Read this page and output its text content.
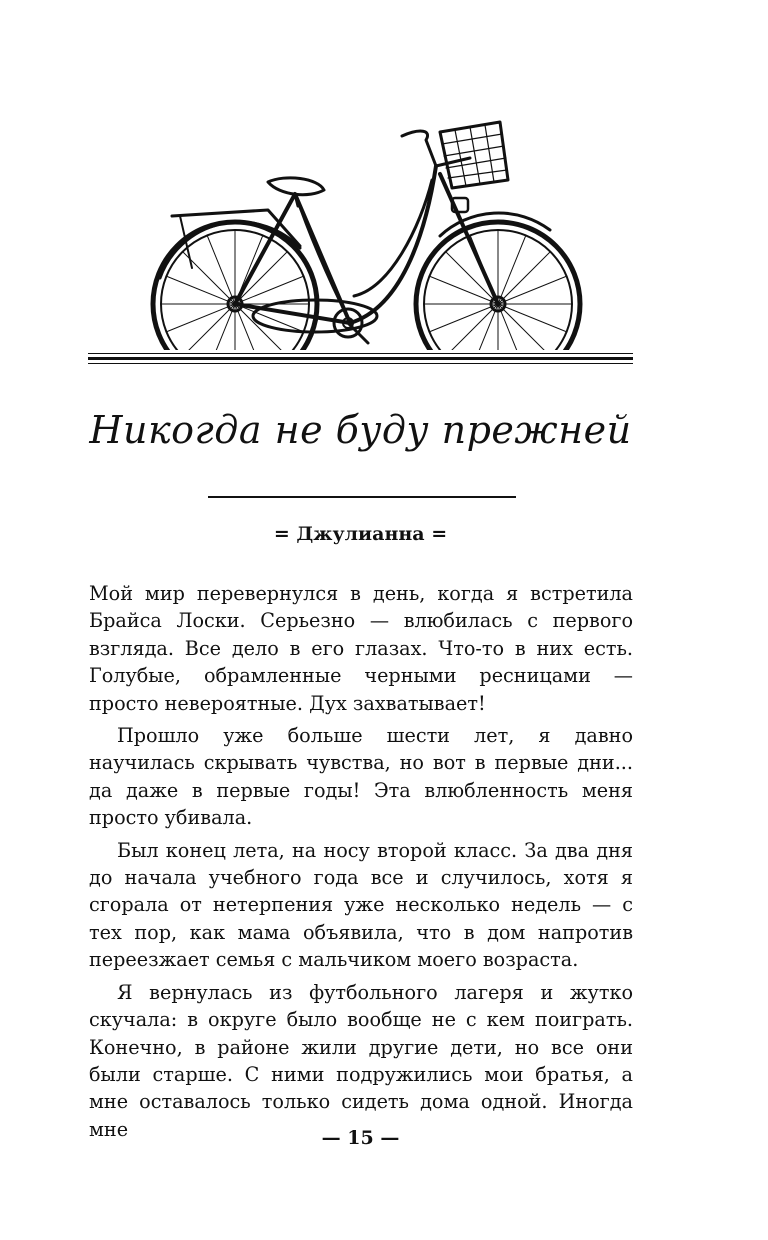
Никогда не буду прежней
= Джулианна =

Мой мир перевернулся в день, когда я встретила Брайса Лоски. Серьезно — влюбилась с первого взгляда. Все дело в его глазах. Что-то в них есть. Голубые, обрамленные черными ресницами — просто невероятные. Дух захватывает!

Прошло уже больше шести лет, я давно научилась скрывать чувства, но вот в первые дни... да даже в первые годы! Эта влюбленность меня просто убивала.

Был конец лета, на носу второй класс. За два дня до начала учебного года все и случилось, хотя я сгорала от нетерпения уже несколько недель — с тех пор, как мама объявила, что в дом напротив переезжает семья с мальчиком моего возраста.

Я вернулась из футбольного лагеря и жутко скучала: в округе было вообще не с кем поиграть. Конечно, в районе жили другие дети, но все они были старше. С ними подружились мои братья, а мне оставалось только сидеть дома одной. Иногда мне	— 15 —
